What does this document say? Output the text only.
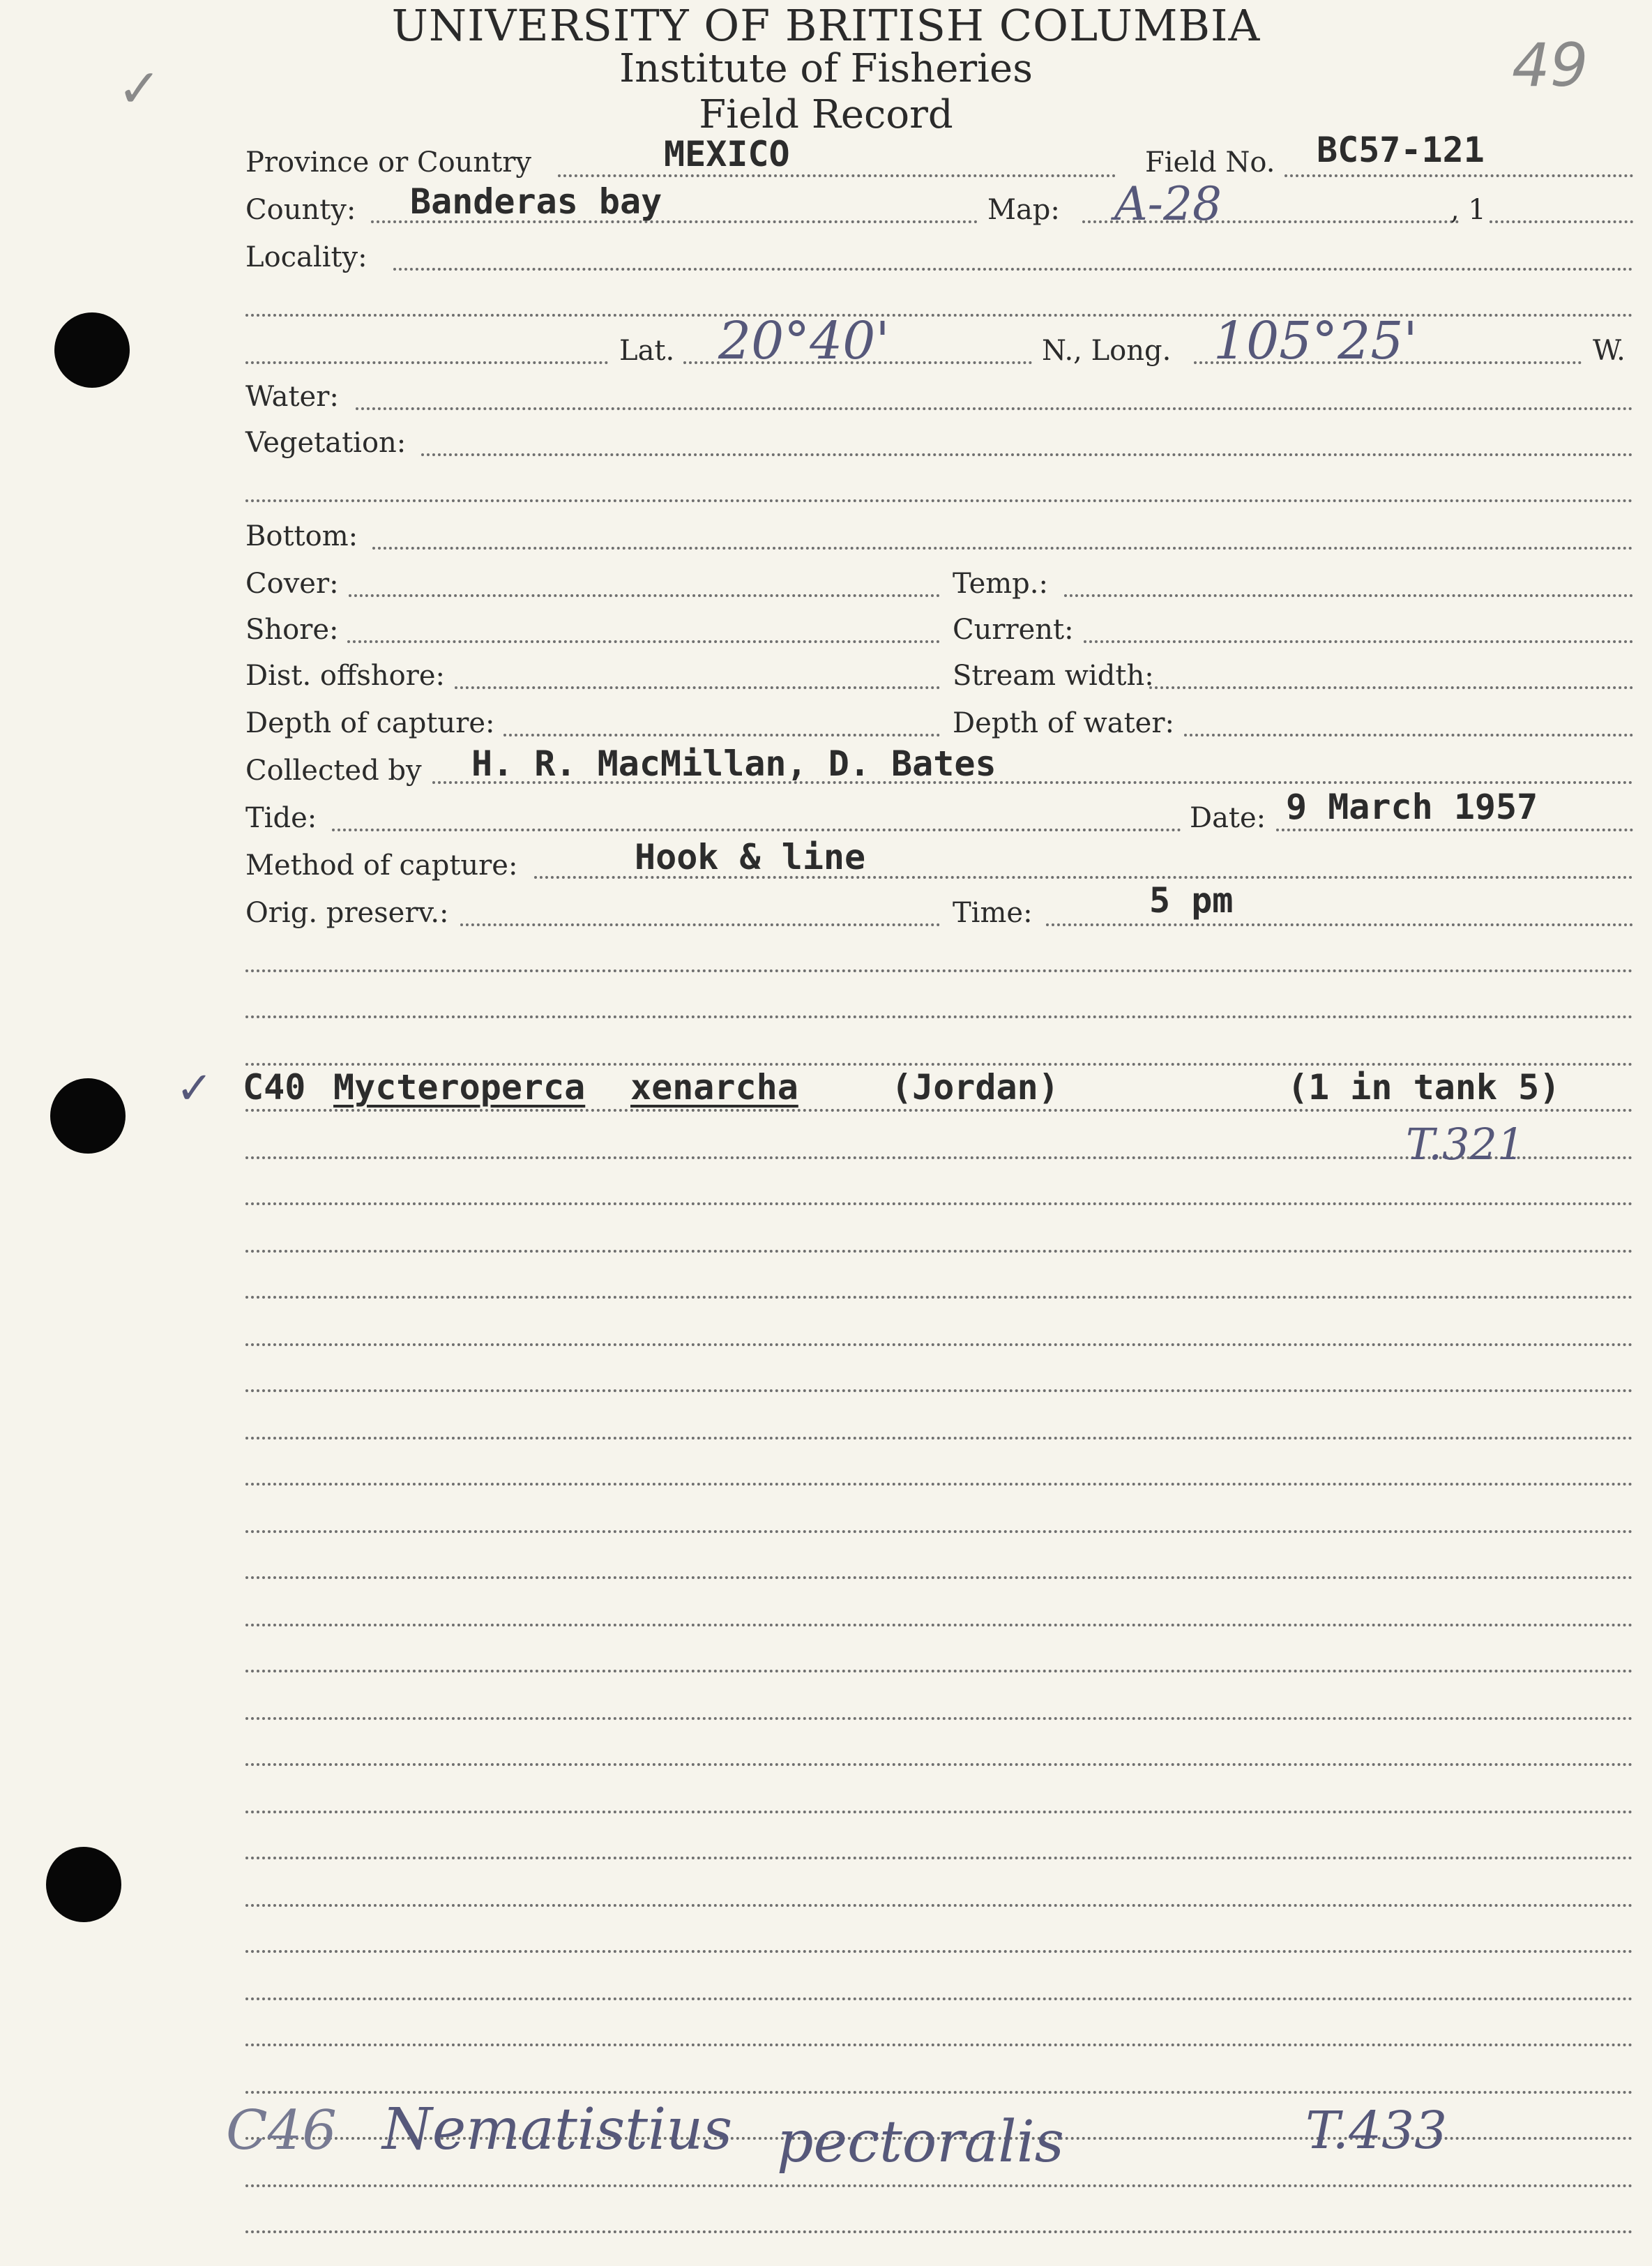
✓	49
UNIVERSITY OF BRITISH COLUMBIA
Institute of Fisheries
Field Record
Province or Country	MEXICO	Field No. BC57-121
County: Banderas bay	Map: A-28	, 1
Locality:
Lat. 20°40'	N., Long. 105°25'	W.
Water:
Vegetation:
Bottom:
Cover:	Temp.:
Shore:	Current:
Dist. offshore:	Stream width:
Depth of capture:	Depth of water:
Collected by H. R. MacMillan, D. Bates
Tide:	Date: 9 March 1957
Method of capture:	Hook & line
Orig. preserv.:	Time:	5 pm
✓ C40 Mycteroperca xenarcha	(Jordan)	(1 in tank 5)
T.321
C46 Nematistius pectoralis	T.433
